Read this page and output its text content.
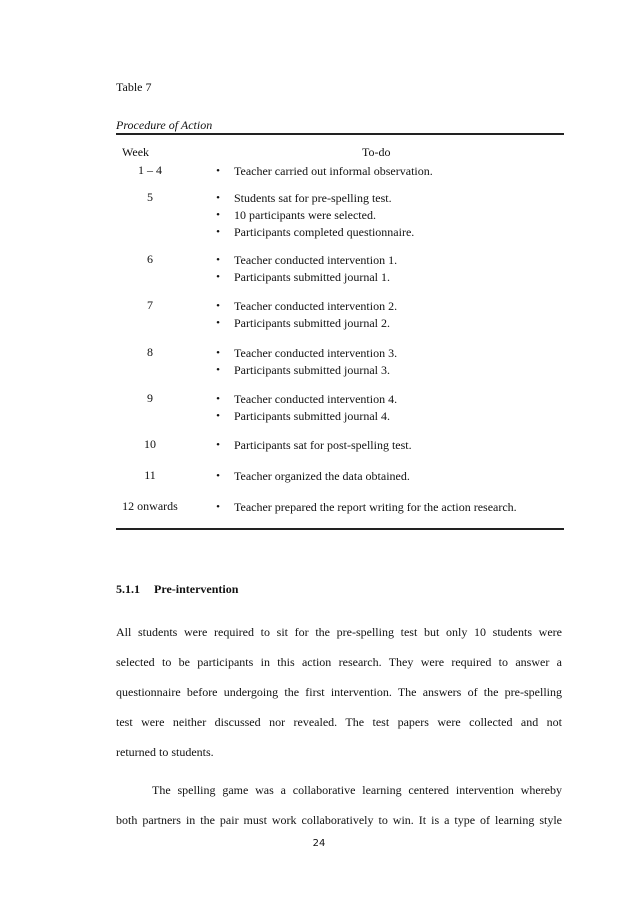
Table 7
Procedure of Action
Week	To-do
1 – 4	•	Teacher carried out informal observation.
5	•	Students sat for pre-spelling test.
•	10 participants were selected.
•	Participants completed questionnaire.
6	•	Teacher conducted intervention 1.
•	Participants submitted journal 1.
7	•	Teacher conducted intervention 2.
•	Participants submitted journal 2.
8	•	Teacher conducted intervention 3.
•	Participants submitted journal 3.
9	•	Teacher conducted intervention 4.
•	Participants submitted journal 4.
10	•	Participants sat for post-spelling test.
11	•	Teacher organized the data obtained.
12 onwards	•	Teacher prepared the report writing for the action research.
5.1.1 Pre-intervention
All students were required to sit for the pre-spelling test but only 10 students were
selected to be participants in this action research. They were required to answer a
questionnaire before undergoing the first intervention. The answers of the pre-spelling
test were neither discussed nor revealed. The test papers were collected and not
returned to students.
The spelling game was a collaborative learning centered intervention whereby
both partners in the pair must work collaboratively to win. It is a type of learning style
24
